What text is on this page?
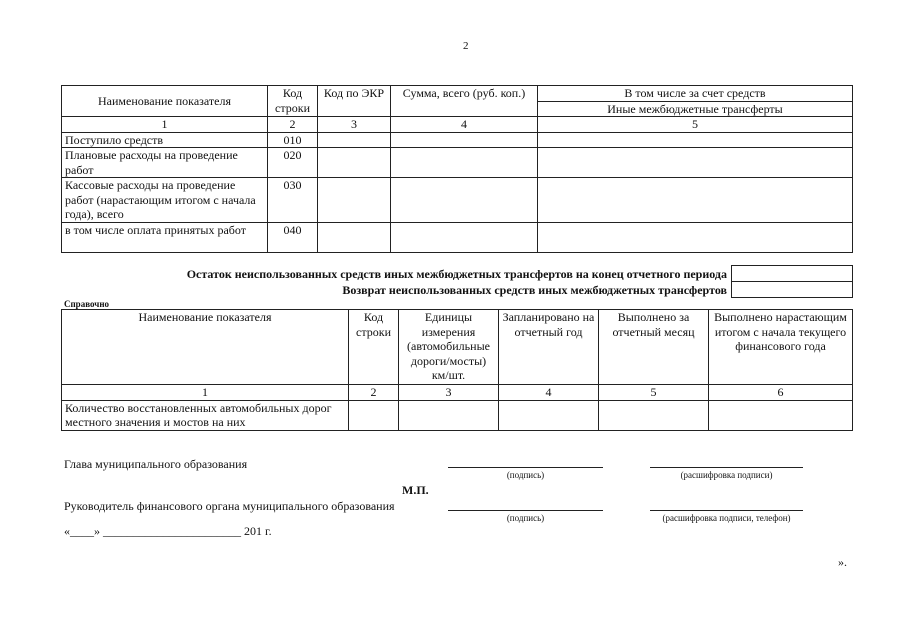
2
Наименование показателя	Код строки	Код по ЭКР	Сумма, всего (руб. коп.)	В том числе за счет средств
				Иные межбюджетные трансферты
1	2	3	4	5
Поступило средств	010			
Плановые расходы на проведение работ	020			
Кассовые расходы на проведение работ (нарастающим итогом с начала года), всего	030			
в том числе оплата принятых работ	040			
Остаток неиспользованных средств иных межбюджетных трансфертов на конец отчетного периода
Возврат неиспользованных средств иных межбюджетных трансфертов
Справочно
Наименование показателя	Код строки	Единицы измерения (автомобильные дороги/мосты) км/шт.	Запланировано на отчетный год	Выполнено за отчетный месяц	Выполнено нарастающим итогом с начала текущего финансового года
1	2	3	4	5	6
Количество восстановленных автомобильных дорог местного значения и мостов на них					
Глава муниципального образования
(подпись)	(расшифровка подписи)
М.П.
Руководитель финансового органа муниципального образования
(подпись)	(расшифровка подписи, телефон)
«____» _______________________ 201 г.
».
